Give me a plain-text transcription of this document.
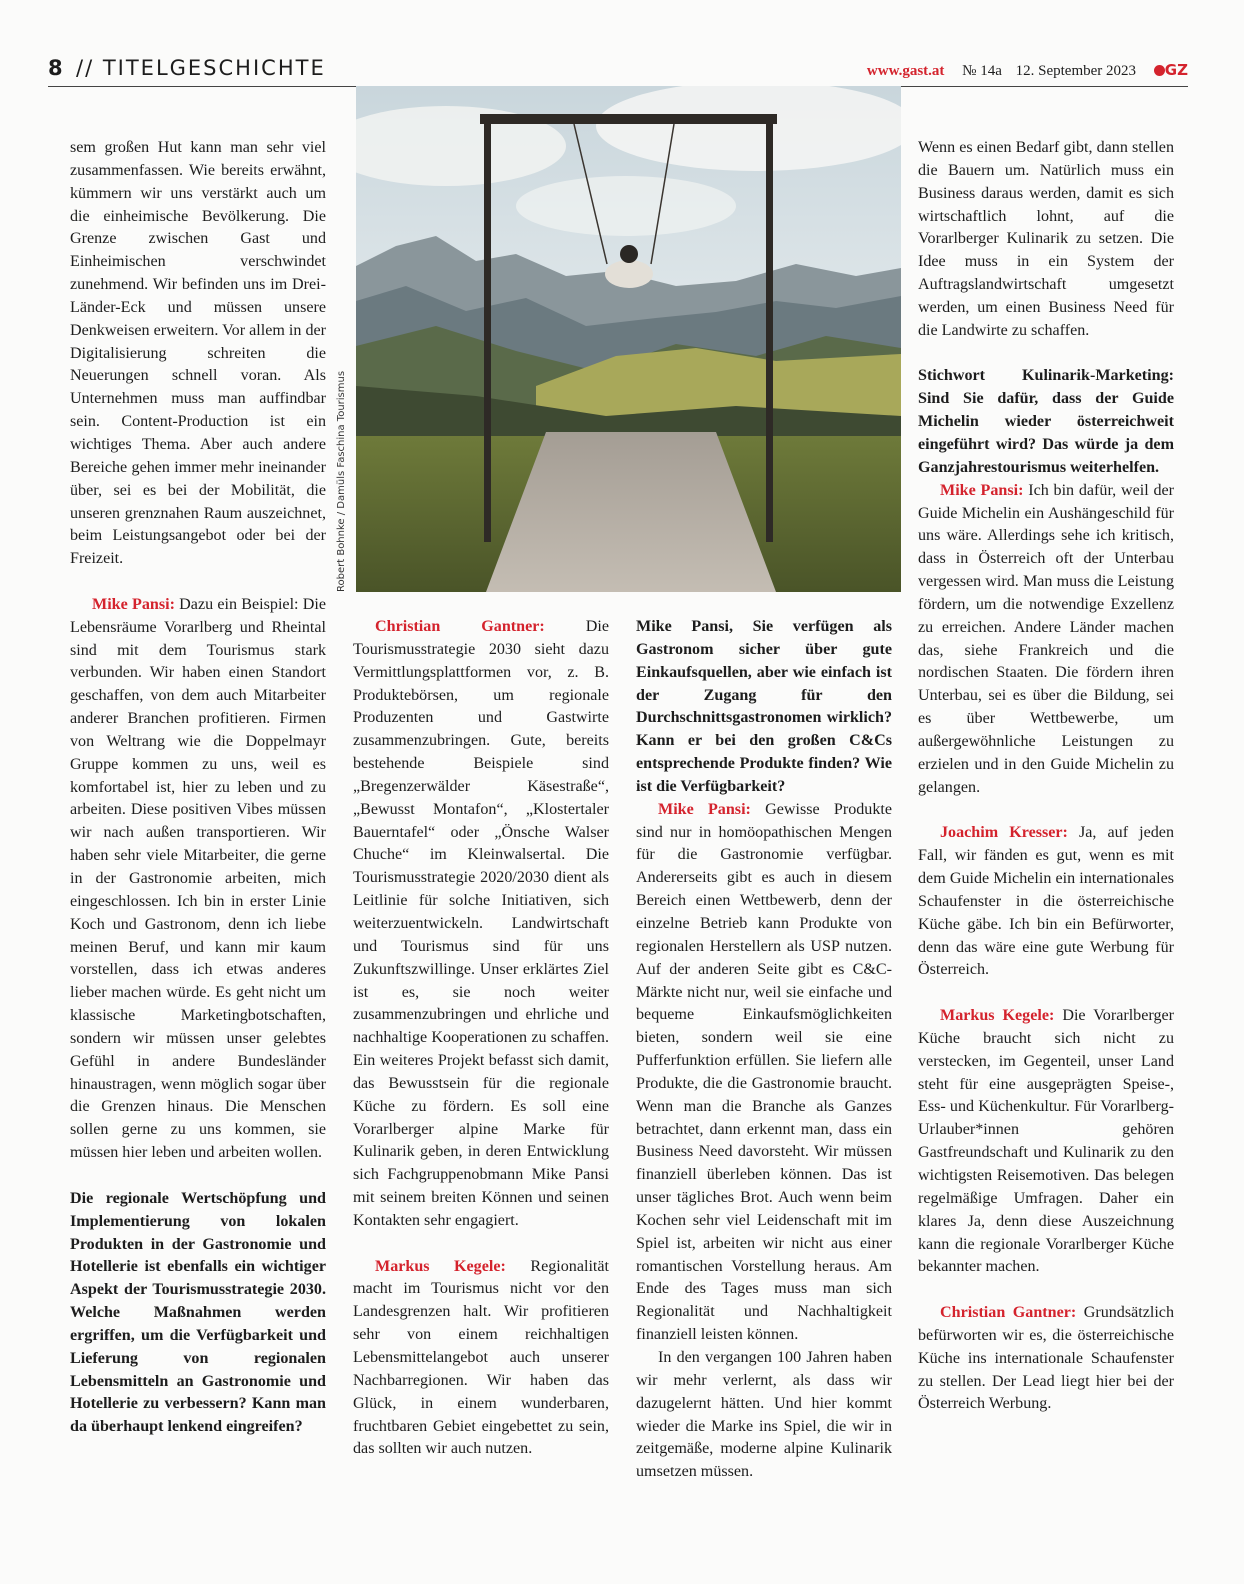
8 // TITELGESCHICHTE	www.gast.at № 14a 12. September 2023 GZ
Robert Bohnke / Damüls Faschina Tourismus

sem großen Hut kann man sehr viel zusammenfassen. Wie bereits erwähnt, kümmern wir uns verstärkt auch um die einheimische Bevölkerung. Die Grenze zwischen Gast und Einheimischen verschwindet zunehmend. Wir befinden uns im Drei-Länder-Eck und müssen unsere Denkweisen erweitern. Vor allem in der Digitalisierung schreiten die Neuerungen schnell voran. Als Unternehmen muss man auffindbar sein. Content-Production ist ein wichtiges Thema. Aber auch andere Bereiche gehen immer mehr ineinander über, sei es bei der Mobilität, die unseren grenznahen Raum auszeichnet, beim Leistungsangebot oder bei der Freizeit.

Mike Pansi: Dazu ein Beispiel: Die Lebensräume Vorarlberg und Rheintal sind mit dem Tourismus stark verbunden. Wir haben einen Standort geschaffen, von dem auch Mitarbeiter anderer Branchen profitieren. Firmen von Weltrang wie die Doppelmayr Gruppe kommen zu uns, weil es komfortabel ist, hier zu leben und zu arbeiten. Diese positiven Vibes müssen wir nach außen transportieren. Wir haben sehr viele Mitarbeiter, die gerne in der Gastronomie arbeiten, mich eingeschlossen. Ich bin in erster Linie Koch und Gastronom, denn ich liebe meinen Beruf, und kann mir kaum vorstellen, dass ich etwas anderes lieber machen würde. Es geht nicht um klassische Marketingbotschaften, sondern wir müssen unser gelebtes Gefühl in andere Bundesländer hinaustragen, wenn möglich sogar über die Grenzen hinaus. Die Menschen sollen gerne zu uns kommen, sie müssen hier leben und arbeiten wollen.

Die regionale Wertschöpfung und Implementierung von lokalen Produkten in der Gastronomie und Hotellerie ist ebenfalls ein wichtiger Aspekt der Tourismusstrategie 2030. Welche Maßnahmen werden ergriffen, um die Verfügbarkeit und Lieferung von regionalen Lebensmitteln an Gastronomie und Hotellerie zu verbessern? Kann man da überhaupt lenkend eingreifen?

Christian Gantner: Die Tourismusstrategie 2030 sieht dazu Vermittlungsplattformen vor, z. B. Produktebörsen, um regionale Produzenten und Gastwirte zusammenzubringen. Gute, bereits bestehende Beispiele sind „Bregenzerwälder Käsestraße“, „Bewusst Montafon“, „Klostertaler Bauerntafel“ oder „Önsche Walser Chuche“ im Kleinwalsertal. Die Tourismusstrategie 2020/2030 dient als Leitlinie für solche Initiativen, sich weiterzuentwickeln. Landwirtschaft und Tourismus sind für uns Zukunftszwillinge. Unser erklärtes Ziel ist es, sie noch weiter zusammenzubringen und ehrliche und nachhaltige Kooperationen zu schaffen. Ein weiteres Projekt befasst sich damit, das Bewusstsein für die regionale Küche zu fördern. Es soll eine Vorarlberger alpine Marke für Kulinarik geben, in deren Entwicklung sich Fachgruppenobmann Mike Pansi mit seinem breiten Können und seinen Kontakten sehr engagiert.

Markus Kegele: Regionalität macht im Tourismus nicht vor den Landesgrenzen halt. Wir profitieren sehr von einem reichhaltigen Lebensmittelangebot auch unserer Nachbarregionen. Wir haben das Glück, in einem wunderbaren, fruchtbaren Gebiet eingebettet zu sein, das sollten wir auch nutzen.

Mike Pansi, Sie verfügen als Gastronom sicher über gute Einkaufsquellen, aber wie einfach ist der Zugang für den Durchschnittsgastronomen wirklich? Kann er bei den großen C&Cs entsprechende Produkte finden? Wie ist die Verfügbarkeit?

Mike Pansi: Gewisse Produkte sind nur in homöopathischen Mengen für die Gastronomie verfügbar. Andererseits gibt es auch in diesem Bereich einen Wettbewerb, denn der einzelne Betrieb kann Produkte von regionalen Herstellern als USP nutzen. Auf der anderen Seite gibt es C&C-Märkte nicht nur, weil sie einfache und bequeme Einkaufsmöglichkeiten bieten, sondern weil sie eine Pufferfunktion erfüllen. Sie liefern alle Produkte, die die Gastronomie braucht. Wenn man die Branche als Ganzes betrachtet, dann erkennt man, dass ein Business Need davorsteht. Wir müssen finanziell überleben können. Das ist unser tägliches Brot. Auch wenn beim Kochen sehr viel Leidenschaft mit im Spiel ist, arbeiten wir nicht aus einer romantischen Vorstellung heraus. Am Ende des Tages muss man sich Regionalität und Nachhaltigkeit finanziell leisten können.

In den vergangen 100 Jahren haben wir mehr verlernt, als dass wir dazugelernt hätten. Und hier kommt wieder die Marke ins Spiel, die wir in zeitgemäße, moderne alpine Kulinarik umsetzen müssen.

Wenn es einen Bedarf gibt, dann stellen die Bauern um. Natürlich muss ein Business daraus werden, damit es sich wirtschaftlich lohnt, auf die Vorarlberger Kulinarik zu setzen. Die Idee muss in ein System der Auftragslandwirtschaft umgesetzt werden, um einen Business Need für die Landwirte zu schaffen.

Stichwort Kulinarik-Marketing: Sind Sie dafür, dass der Guide Michelin wieder österreichweit eingeführt wird? Das würde ja dem Ganzjahrestourismus weiterhelfen.

Mike Pansi: Ich bin dafür, weil der Guide Michelin ein Aushängeschild für uns wäre. Allerdings sehe ich kritisch, dass in Österreich oft der Unterbau vergessen wird. Man muss die Leistung fördern, um die notwendige Exzellenz zu erreichen. Andere Länder machen das, siehe Frankreich und die nordischen Staaten. Die fördern ihren Unterbau, sei es über die Bildung, sei es über Wettbewerbe, um außergewöhnliche Leistungen zu erzielen und in den Guide Michelin zu gelangen.

Joachim Kresser: Ja, auf jeden Fall, wir fänden es gut, wenn es mit dem Guide Michelin ein internationales Schaufenster in die österreichische Küche gäbe. Ich bin ein Befürworter, denn das wäre eine gute Werbung für Österreich.

Markus Kegele: Die Vorarlberger Küche braucht sich nicht zu verstecken, im Gegenteil, unser Land steht für eine ausgeprägten Speise-, Ess- und Küchenkultur. Für Vorarlberg-Urlauber*innen gehören Gastfreundschaft und Kulinarik zu den wichtigsten Reisemotiven. Das belegen regelmäßige Umfragen. Daher ein klares Ja, denn diese Auszeichnung kann die regionale Vorarlberger Küche bekannter machen.

Christian Gantner: Grundsätzlich befürworten wir es, die österreichische Küche ins internationale Schaufenster zu stellen. Der Lead liegt hier bei der Österreich Werbung.
